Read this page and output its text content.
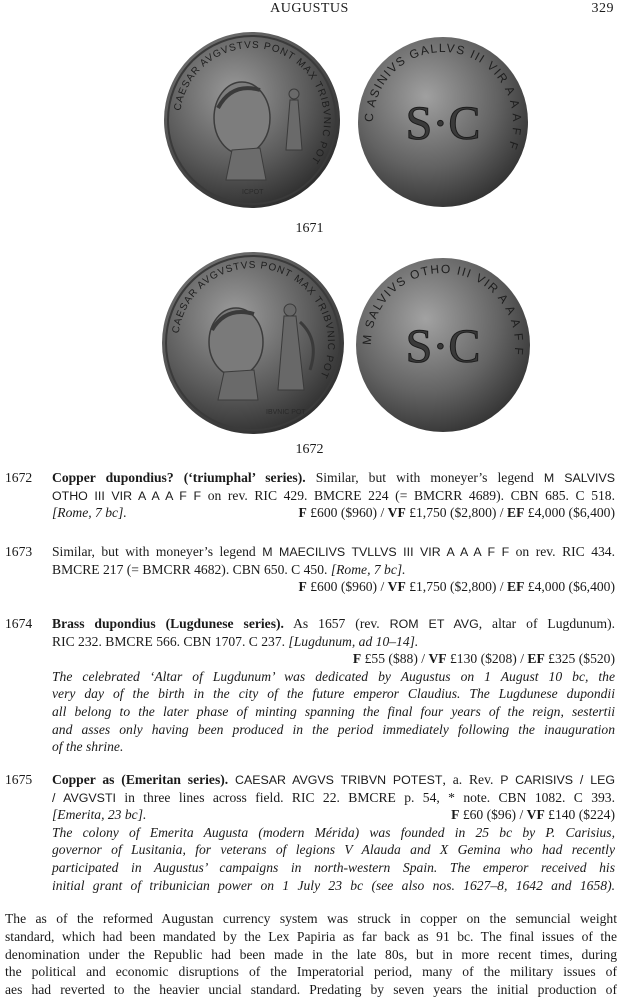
AUGUSTUS	329
CAESAR AVGVSTVS PONT MAX TRIBVNIC POT
ICPOT
C ASINIVS GALLVS III VIR A A A F F
S·C
1671
CAESAR AVGVSTVS PONT MAX TRIBVNIC POT
IBVNIC POT
M SALVIVS OTHO III VIR A A A F F
S·C
1672
1672 Copper dupondius? (‘triumphal’ series). Similar, but with moneyer’s legend M SALVIVS
OTHO III VIR A A A F F on rev. RIC 429. BMCRE 224 (= BMCRR 4689). CBN 685. C 518.
[Rome, 7 bc].	F £600 ($960) / VF £1,750 ($2,800) / EF £4,000 ($6,400)
1673 Similar, but with moneyer’s legend M MAECILIVS TVLLVS III VIR A A A F F on rev. RIC 434.
BMCRE 217 (= BMCRR 4682). CBN 650. C 450. [Rome, 7 bc].
F £600 ($960) / VF £1,750 ($2,800) / EF £4,000 ($6,400)
1674 Brass dupondius (Lugdunese series). As 1657 (rev. ROM ET AVG, altar of Lugdunum).
RIC 232. BMCRE 566. CBN 1707. C 237. [Lugdunum, ad 10–14].
F £55 ($88) / VF £130 ($208) / EF £325 ($520)
The celebrated ‘Altar of Lugdunum’ was dedicated by Augustus on 1 August 10 bc, the
very day of the birth in the city of the future emperor Claudius. The Lugdunese dupondii
all belong to the later phase of minting spanning the final four years of the reign, sestertii
and asses only having been produced in the period immediately following the inauguration
of the shrine.
1675 Copper as (Emeritan series). CAESAR AVGVS TRIBVN POTEST, a. Rev. P CARISIVS / LEG
/ AVGVSTI in three lines across field. RIC 22. BMCRE p. 54, * note. CBN 1082. C 393.
[Emerita, 23 bc].	F £60 ($96) / VF £140 ($224)
The colony of Emerita Augusta (modern Mérida) was founded in 25 bc by P. Carisius,
governor of Lusitania, for veterans of legions V Alauda and X Gemina who had recently
participated in Augustus’ campaigns in north-western Spain. The emperor received his
initial grant of tribunician power on 1 July 23 bc (see also nos. 1627–8, 1642 and 1658).
The as of the reformed Augustan currency system was struck in copper on the semuncial weight
standard, which had been mandated by the Lex Papiria as far back as 91 bc. The final issues of the
denomination under the Republic had been made in the late 80s, but in more recent times, during
the political and economic disruptions of the Imperatorial period, many of the military issues of
aes had reverted to the heavier uncial standard. Predating by seven years the initial production of
